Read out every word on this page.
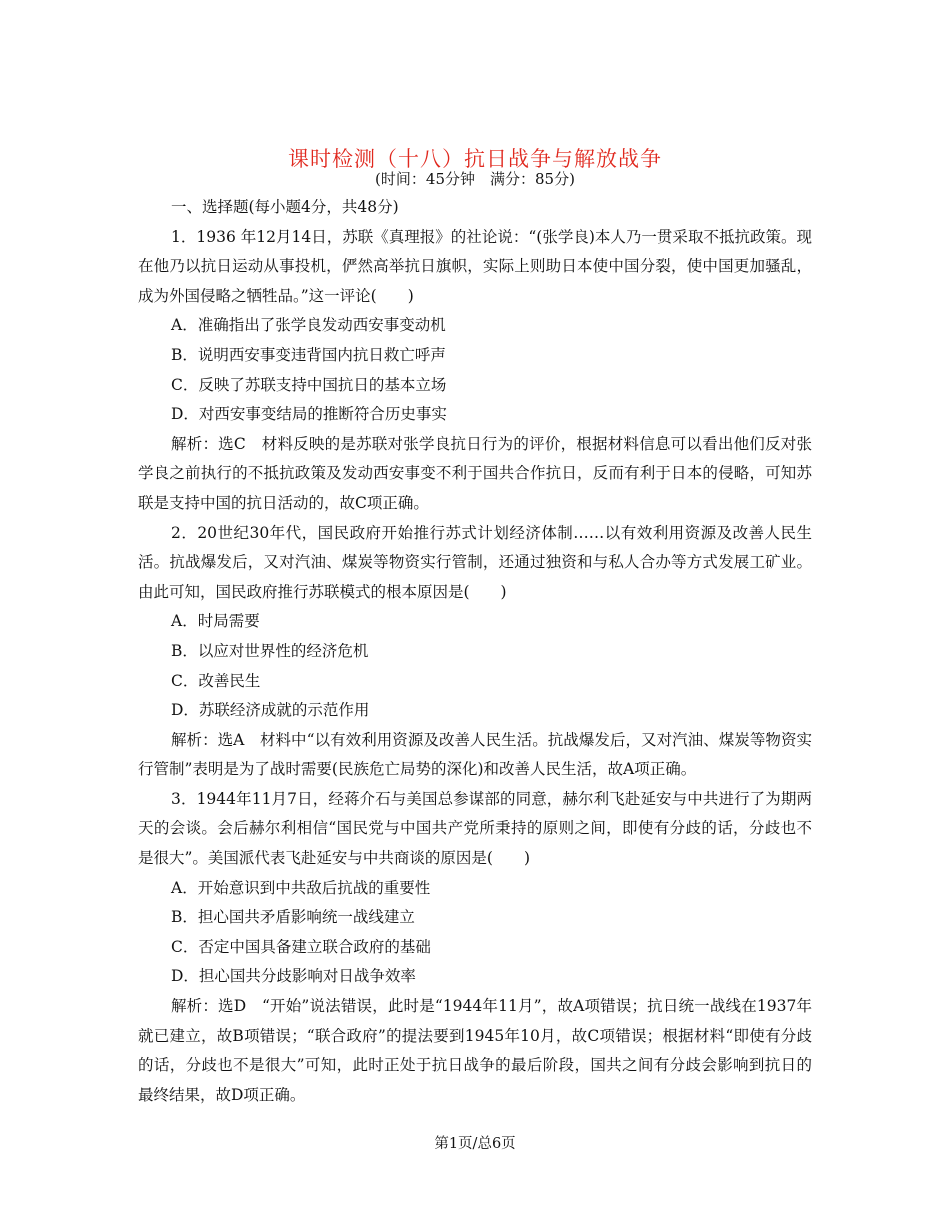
课时检测（十八）抗日战争与解放战争
(时间：45分钟　满分：85分)

一、选择题(每小题4分，共48分)

1．1936 年12月14日，苏联《真理报》的社论说：“(张学良)本人乃一贯采取不抵抗政策。现在他乃以抗日运动从事投机，俨然高举抗日旗帜，实际上则助日本使中国分裂，使中国更加骚乱，成为外国侵略之牺牲品。”这一评论(　　)

A．准确指出了张学良发动西安事变动机

B．说明西安事变违背国内抗日救亡呼声

C．反映了苏联支持中国抗日的基本立场

D．对西安事变结局的推断符合历史事实

解析：选C　材料反映的是苏联对张学良抗日行为的评价，根据材料信息可以看出他们反对张学良之前执行的不抵抗政策及发动西安事变不利于国共合作抗日，反而有利于日本的侵略，可知苏联是支持中国的抗日活动的，故C项正确。

2．20世纪30年代，国民政府开始推行苏式计划经济体制……以有效利用资源及改善人民生活。抗战爆发后，又对汽油、煤炭等物资实行管制，还通过独资和与私人合办等方式发展工矿业。由此可知，国民政府推行苏联模式的根本原因是(　　)

A．时局需要

B．以应对世界性的经济危机

C．改善民生

D．苏联经济成就的示范作用

解析：选A　材料中“以有效利用资源及改善人民生活。抗战爆发后，又对汽油、煤炭等物资实行管制”表明是为了战时需要(民族危亡局势的深化)和改善人民生活，故A项正确。

3．1944年11月7日，经蒋介石与美国总参谋部的同意，赫尔利飞赴延安与中共进行了为期两天的会谈。会后赫尔利相信“国民党与中国共产党所秉持的原则之间，即使有分歧的话，分歧也不是很大”。美国派代表飞赴延安与中共商谈的原因是(　　)

A．开始意识到中共敌后抗战的重要性

B．担心国共矛盾影响统一战线建立

C．否定中国具备建立联合政府的基础

D．担心国共分歧影响对日战争效率

解析：选D　“开始”说法错误，此时是“1944年11月”，故A项错误；抗日统一战线在1937年就已建立，故B项错误；“联合政府”的提法要到1945年10月，故C项错误；根据材料“即使有分歧的话，分歧也不是很大”可知，此时正处于抗日战争的最后阶段，国共之间有分歧会影响到抗日的最终结果，故D项正确。

第1页/总6页
